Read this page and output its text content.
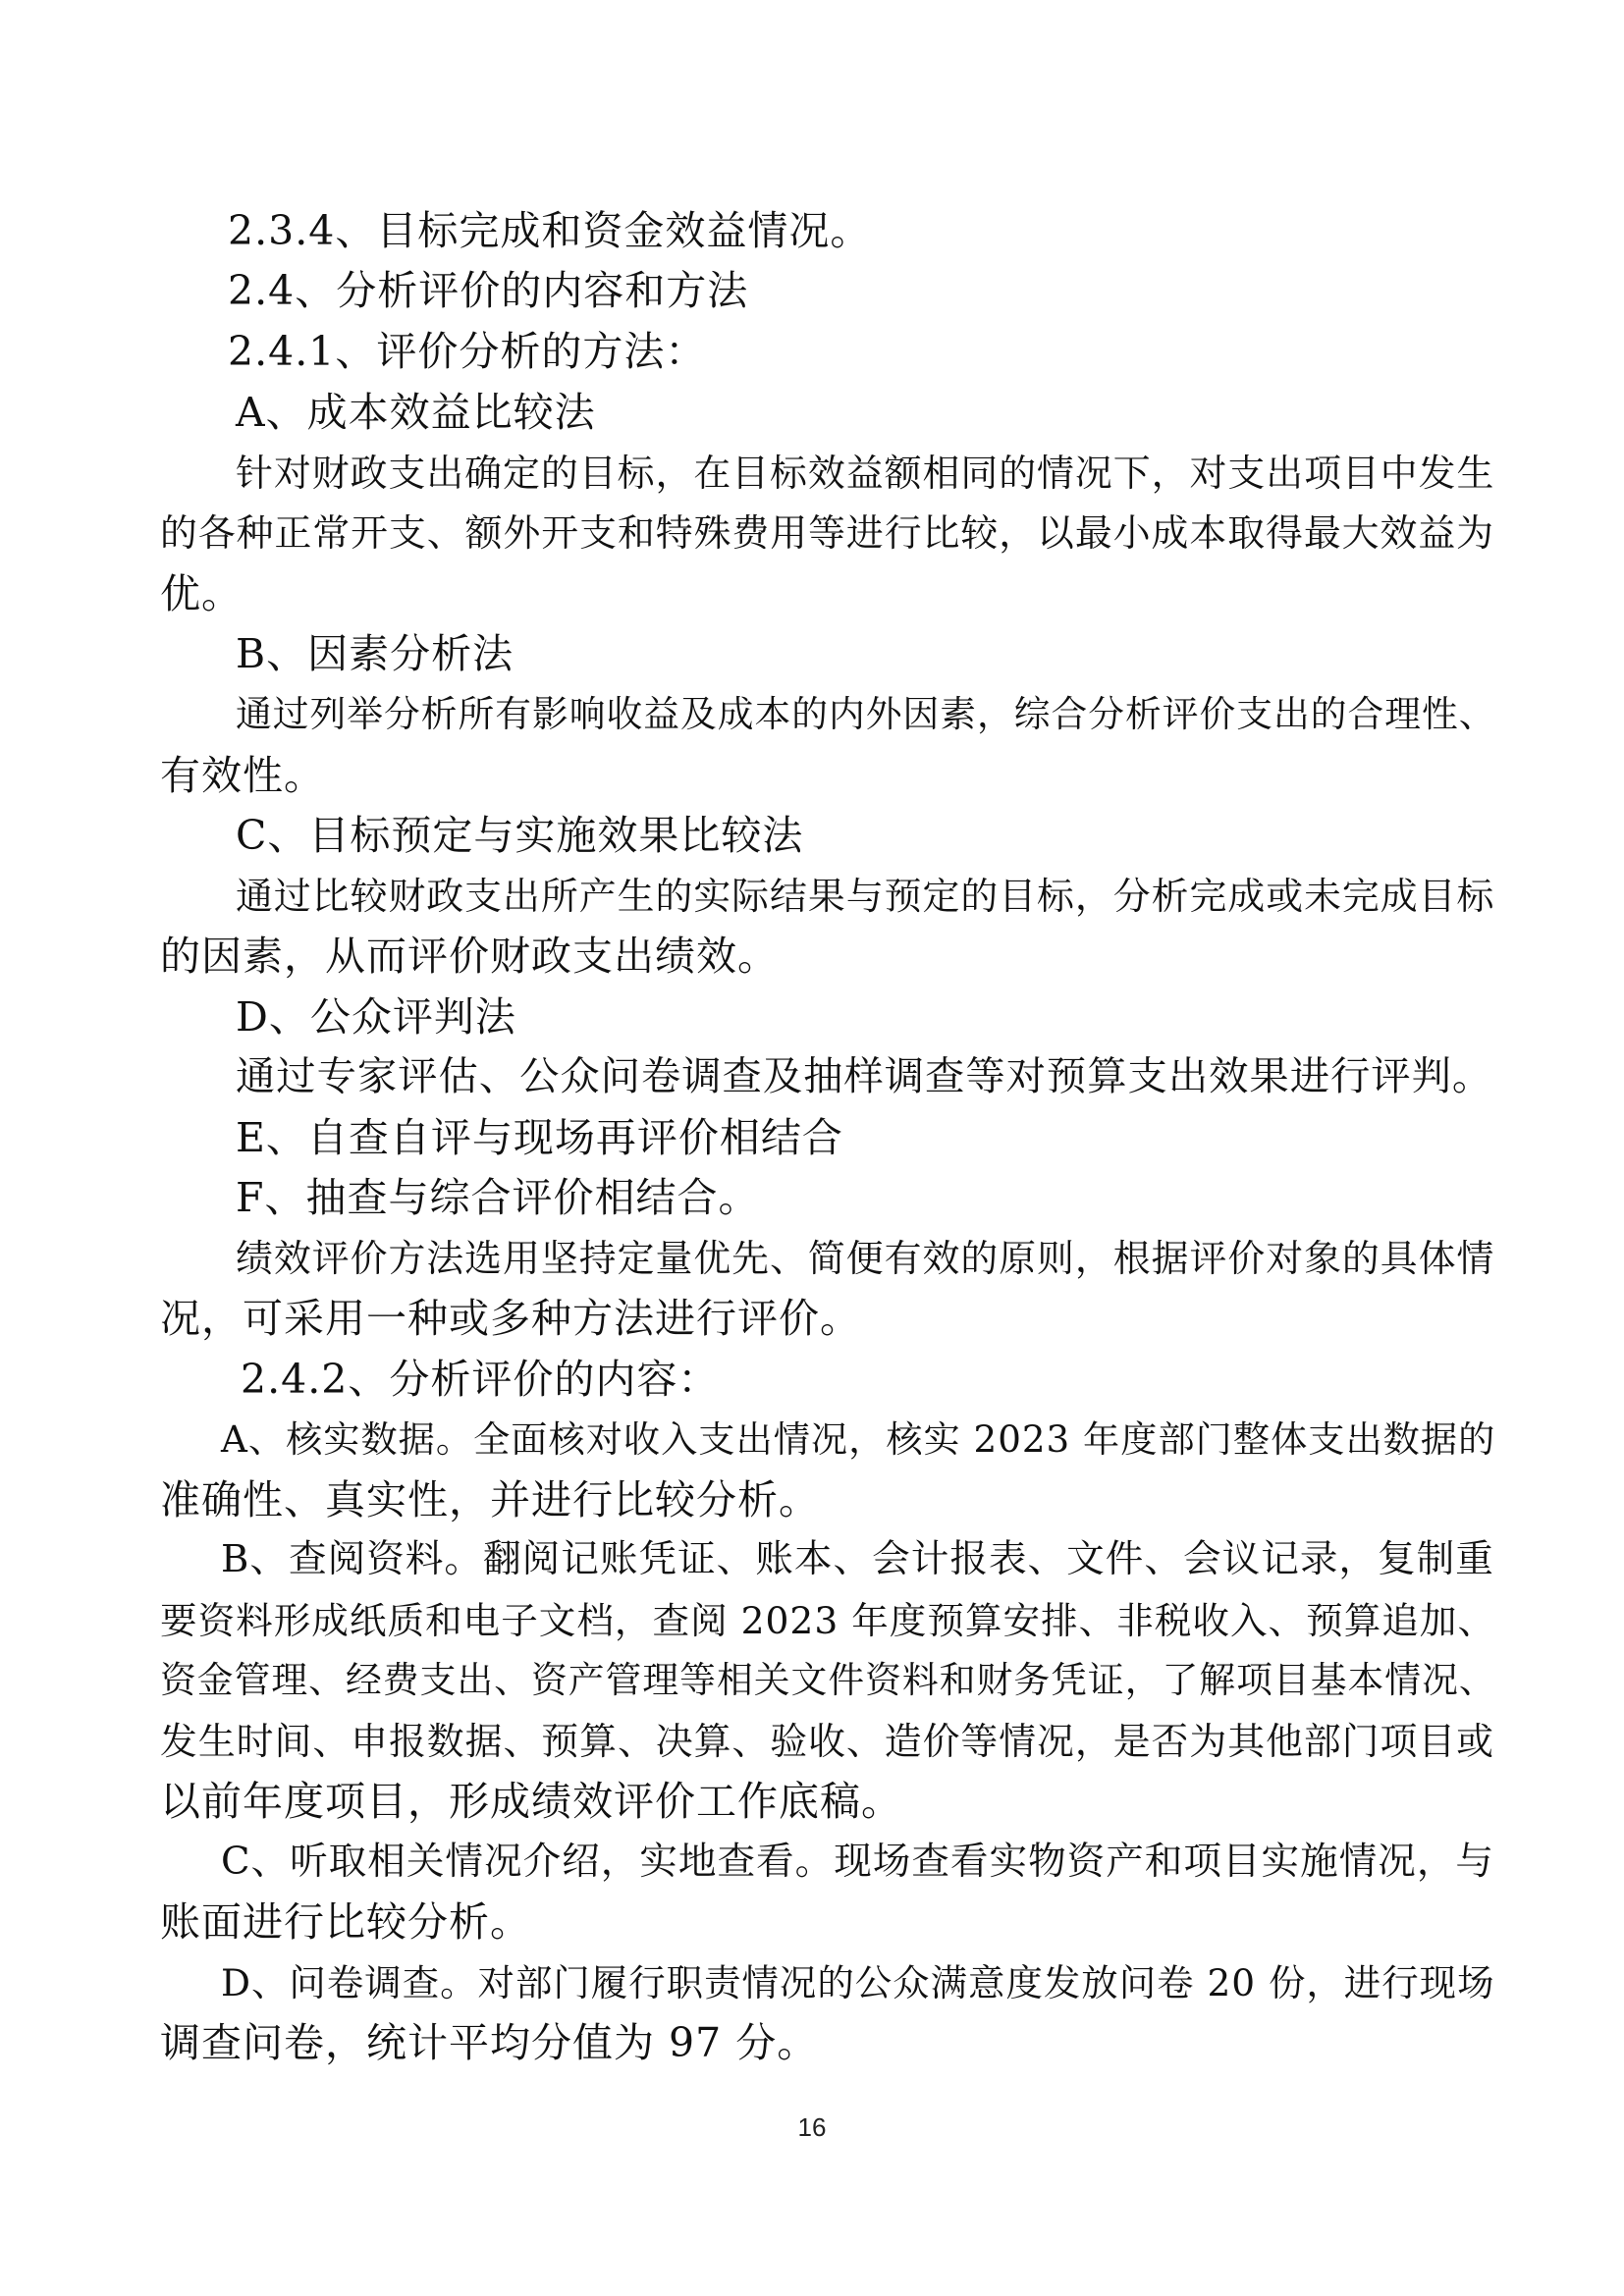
2.3.4、目标完成和资金效益情况。
2.4、分析评价的内容和方法
2.4.1、评价分析的方法：
A、成本效益比较法
针对财政支出确定的目标，在目标效益额相同的情况下，对支出项目中发生
的各种正常开支、额外开支和特殊费用等进行比较，以最小成本取得最大效益为
优。
B、因素分析法
通过列举分析所有影响收益及成本的内外因素，综合分析评价支出的合理性、
有效性。
C、目标预定与实施效果比较法
通过比较财政支出所产生的实际结果与预定的目标，分析完成或未完成目标
的因素，从而评价财政支出绩效。
D、公众评判法
通过专家评估、公众问卷调查及抽样调查等对预算支出效果进行评判。
E、自查自评与现场再评价相结合
F、抽查与综合评价相结合。
绩效评价方法选用坚持定量优先、简便有效的原则，根据评价对象的具体情
况，可采用一种或多种方法进行评价。
2.4.2、分析评价的内容：
A、核实数据。全面核对收入支出情况，核实 2023 年度部门整体支出数据的
准确性、真实性，并进行比较分析。
B、查阅资料。翻阅记账凭证、账本、会计报表、文件、会议记录，复制重
要资料形成纸质和电子文档，查阅 2023 年度预算安排、非税收入、预算追加、
资金管理、经费支出、资产管理等相关文件资料和财务凭证，了解项目基本情况、
发生时间、申报数据、预算、决算、验收、造价等情况，是否为其他部门项目或
以前年度项目，形成绩效评价工作底稿。
C、听取相关情况介绍，实地查看。现场查看实物资产和项目实施情况，与
账面进行比较分析。
D、问卷调查。对部门履行职责情况的公众满意度发放问卷 20 份，进行现场
调查问卷，统计平均分值为 97 分。
16
